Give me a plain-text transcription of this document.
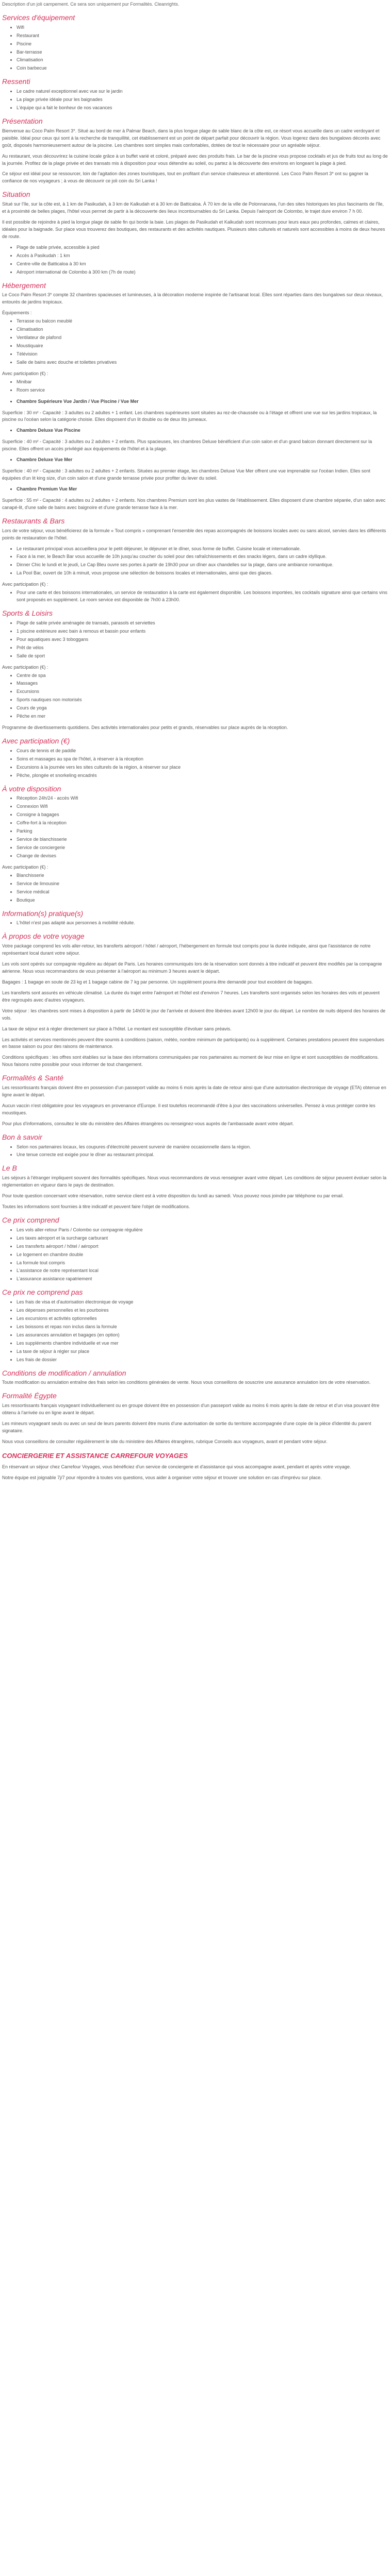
Description d'un joli campement. Ce sera son uniquement pur Formalités. Cleanrights.

Services d'équipement
• Wifi
• Restaurant
• Piscine
• Bar-terrasse
• Climatisation
• Coin barbecue
Ressenti
• Le cadre naturel exceptionnel avec vue sur le jardin
• La plage privée idéale pour les baignades
• L'équipe qui a fait le bonheur de nos vacances
Présentation

Bienvenue au Coco Palm Resort 3*. Situé au bord de mer à Palmar Beach, dans la plus longue plage de sable blanc de la côte est, ce résort vous accueille dans un cadre verdoyant et paisible. Idéal pour ceux qui sont à la recherche de tranquillité, cet établissement est un point de départ parfait pour découvrir la région. Vous logerez dans des bungalows décorés avec goût, disposés harmonieusement autour de la piscine. Les chambres sont simples mais confortables, dotées de tout le nécessaire pour un agréable séjour.

Au restaurant, vous découvrirez la cuisine locale grâce à un buffet varié et coloré, préparé avec des produits frais. Le bar de la piscine vous propose cocktails et jus de fruits tout au long de la journée. Profitez de la plage privée et des transats mis à disposition pour vous détendre au soleil, ou partez à la découverte des environs en longeant la plage à pied.

Ce séjour est idéal pour se ressourcer, loin de l'agitation des zones touristiques, tout en profitant d'un service chaleureux et attentionné. Les Coco Palm Resort 3* ont su gagner la confiance de nos voyageurs ; à vous de découvrir ce joli coin du Sri Lanka !

Situation

Situé sur l'île, sur la côte est, à 1 km de Pasikudah, à 3 km de Kalkudah et à 30 km de Batticaloa. À 70 km de la ville de Polonnaruwa, l'un des sites historiques les plus fascinants de l'île, et à proximité de belles plages, l'hôtel vous permet de partir à la découverte des lieux incontournables du Sri Lanka. Depuis l'aéroport de Colombo, le trajet dure environ 7 h 00.

Il est possible de rejoindre à pied la longue plage de sable fin qui borde la baie. Les plages de Pasikudah et Kalkudah sont reconnues pour leurs eaux peu profondes, calmes et claires, idéales pour la baignade. Sur place vous trouverez des boutiques, des restaurants et des activités nautiques. Plusieurs sites culturels et naturels sont accessibles à moins de deux heures de route.

• Plage de sable privée, accessible à pied
• Accès à Pasikudah : 1 km
• Centre-ville de Batticaloa à 30 km
• Aéroport international de Colombo à 300 km (7h de route)
Hébergement

Le Coco Palm Resort 3* compte 32 chambres spacieuses et lumineuses, à la décoration moderne inspirée de l'artisanat local. Elles sont réparties dans des bungalows sur deux niveaux, entourés de jardins tropicaux.

Équipements :

• Terrasse ou balcon meublé
• Climatisation
• Ventilateur de plafond
• Moustiquaire
• Télévision
• Salle de bains avec douche et toilettes privatives

Avec participation (€) :

• Minibar
• Room service
• Chambre Supérieure Vue Jardin / Vue Piscine / Vue Mer

Superficie : 30 m² - Capacité : 3 adultes ou 2 adultes + 1 enfant. Les chambres supérieures sont situées au rez-de-chaussée ou à l'étage et offrent une vue sur les jardins tropicaux, la piscine ou l'océan selon la catégorie choisie. Elles disposent d'un lit double ou de deux lits jumeaux.

• Chambre Deluxe Vue Piscine

Superficie : 40 m² - Capacité : 3 adultes ou 2 adultes + 2 enfants. Plus spacieuses, les chambres Deluxe bénéficient d'un coin salon et d'un grand balcon donnant directement sur la piscine. Elles offrent un accès privilégié aux équipements de l'hôtel et à la plage.

• Chambre Deluxe Vue Mer

Superficie : 40 m² - Capacité : 3 adultes ou 2 adultes + 2 enfants. Situées au premier étage, les chambres Deluxe Vue Mer offrent une vue imprenable sur l'océan Indien. Elles sont équipées d'un lit king size, d'un coin salon et d'une grande terrasse privée pour profiter du lever du soleil.

• Chambre Premium Vue Mer

Superficie : 55 m² - Capacité : 4 adultes ou 2 adultes + 2 enfants. Nos chambres Premium sont les plus vastes de l'établissement. Elles disposent d'une chambre séparée, d'un salon avec canapé-lit, d'une salle de bains avec baignoire et d'une grande terrasse face à la mer.

Restaurants & Bars

Lors de votre séjour, vous bénéficierez de la formule « Tout compris » comprenant l'ensemble des repas accompagnés de boissons locales avec ou sans alcool, servies dans les différents points de restauration de l'hôtel.

• Le restaurant principal vous accueillera pour le petit déjeuner, le déjeuner et le dîner, sous forme de buffet. Cuisine locale et internationale.
• Face à la mer, le Beach Bar vous accueille de 10h jusqu'au coucher du soleil pour des rafraîchissements et des snacks légers, dans un cadre idyllique.
• Dinner Chic le lundi et le jeudi, Le Cap Bleu ouvre ses portes à partir de 19h30 pour un dîner aux chandelles sur la plage, dans une ambiance romantique.
• La Pool Bar, ouvert de 10h à minuit, vous propose une sélection de boissons locales et internationales, ainsi que des glaces.

Avec participation (€) :

• Pour une carte et des boissons internationales, un service de restauration à la carte est également disponible. Les boissons importées, les cocktails signature ainsi que certains vins sont proposés en supplément. Le room service est disponible de 7h00 à 23h00.
Sports & Loisirs
• Plage de sable privée aménagée de transats, parasols et serviettes
• 1 piscine extérieure avec bain à remous et bassin pour enfants
• Pour aquatiques avec 3 toboggans
• Prêt de vélos
• Salle de sport

Avec participation (€) :

• Centre de spa
• Massages
• Excursions
• Sports nautiques non motorisés
• Cours de yoga
• Pêche en mer

Programme de divertissements quotidiens. Des activités internationales pour petits et grands, réservables sur place auprès de la réception.

Avec participation (€)
• Cours de tennis et de paddle
• Soins et massages au spa de l'hôtel, à réserver à la réception
• Excursions à la journée vers les sites culturels de la région, à réserver sur place
• Pêche, plongée et snorkeling encadrés
À votre disposition
• Réception 24h/24 - accès Wifi
• Connexion Wifi
• Consigne à bagages
• Coffre-fort à la réception
• Parking
• Service de blanchisserie
• Service de conciergerie
• Change de devises

Avec participation (€) :

• Blanchisserie
• Service de limousine
• Service médical
• Boutique
Information(s) pratique(s)
• L'hôtel n'est pas adapté aux personnes à mobilité réduite.
À propos de votre voyage

Votre package comprend les vols aller-retour, les transferts aéroport / hôtel / aéroport, l'hébergement en formule tout compris pour la durée indiquée, ainsi que l'assistance de notre représentant local durant votre séjour.

Les vols sont opérés sur compagnie régulière au départ de Paris. Les horaires communiqués lors de la réservation sont donnés à titre indicatif et peuvent être modifiés par la compagnie aérienne. Nous vous recommandons de vous présenter à l'aéroport au minimum 3 heures avant le départ.

Bagages : 1 bagage en soute de 23 kg et 1 bagage cabine de 7 kg par personne. Un supplément pourra être demandé pour tout excédent de bagages.

Les transferts sont assurés en véhicule climatisé. La durée du trajet entre l'aéroport et l'hôtel est d'environ 7 heures. Les transferts sont organisés selon les horaires des vols et peuvent être regroupés avec d'autres voyageurs.

Votre séjour : les chambres sont mises à disposition à partir de 14h00 le jour de l'arrivée et doivent être libérées avant 12h00 le jour du départ. Le nombre de nuits dépend des horaires de vols.

La taxe de séjour est à régler directement sur place à l'hôtel. Le montant est susceptible d'évoluer sans préavis.

Les activités et services mentionnés peuvent être soumis à conditions (saison, météo, nombre minimum de participants) ou à supplément. Certaines prestations peuvent être suspendues en basse saison ou pour des raisons de maintenance.

Conditions spécifiques : les offres sont établies sur la base des informations communiquées par nos partenaires au moment de leur mise en ligne et sont susceptibles de modifications. Nous faisons notre possible pour vous informer de tout changement.

Formalités & Santé

Les ressortissants français doivent être en possession d'un passeport valide au moins 6 mois après la date de retour ainsi que d'une autorisation électronique de voyage (ETA) obtenue en ligne avant le départ.

Aucun vaccin n'est obligatoire pour les voyageurs en provenance d'Europe. Il est toutefois recommandé d'être à jour des vaccinations universelles. Pensez à vous protéger contre les moustiques.

Pour plus d'informations, consultez le site du ministère des Affaires étrangères ou renseignez-vous auprès de l'ambassade avant votre départ.

Bon à savoir
• Selon nos partenaires locaux, les coupures d'électricité peuvent survenir de manière occasionnelle dans la région.
• Une tenue correcte est exigée pour le dîner au restaurant principal.
Le B

Les séjours à l'étranger impliquent souvent des formalités spécifiques. Nous vous recommandons de vous renseigner avant votre départ. Les conditions de séjour peuvent évoluer selon la réglementation en vigueur dans le pays de destination.

Pour toute question concernant votre réservation, notre service client est à votre disposition du lundi au samedi. Vous pouvez nous joindre par téléphone ou par email.

Toutes les informations sont fournies à titre indicatif et peuvent faire l'objet de modifications.

Ce prix comprend
• Les vols aller-retour Paris / Colombo sur compagnie régulière
• Les taxes aéroport et la surcharge carburant
• Les transferts aéroport / hôtel / aéroport
• Le logement en chambre double
• La formule tout compris
• L'assistance de notre représentant local
• L'assurance assistance rapatriement
Ce prix ne comprend pas
• Les frais de visa et d'autorisation électronique de voyage
• Les dépenses personnelles et les pourboires
• Les excursions et activités optionnelles
• Les boissons et repas non inclus dans la formule
• Les assurances annulation et bagages (en option)
• Les suppléments chambre individuelle et vue mer
• La taxe de séjour à régler sur place
• Les frais de dossier
Conditions de modification / annulation

Toute modification ou annulation entraîne des frais selon les conditions générales de vente. Nous vous conseillons de souscrire une assurance annulation lors de votre réservation.

Formalité Égypte

Les ressortissants français voyageant individuellement ou en groupe doivent être en possession d'un passeport valide au moins 6 mois après la date de retour et d'un visa pouvant être obtenu à l'arrivée ou en ligne avant le départ.

Les mineurs voyageant seuls ou avec un seul de leurs parents doivent être munis d'une autorisation de sortie du territoire accompagnée d'une copie de la pièce d'identité du parent signataire.

Nous vous conseillons de consulter régulièrement le site du ministère des Affaires étrangères, rubrique Conseils aux voyageurs, avant et pendant votre séjour.

CONCIERGERIE ET ASSISTANCE CARREFOUR VOYAGES

En réservant un séjour chez Carrefour Voyages, vous bénéficiez d'un service de conciergerie et d'assistance qui vous accompagne avant, pendant et après votre voyage.

Notre équipe est joignable 7j/7 pour répondre à toutes vos questions, vous aider à organiser votre séjour et trouver une solution en cas d'imprévu sur place.
